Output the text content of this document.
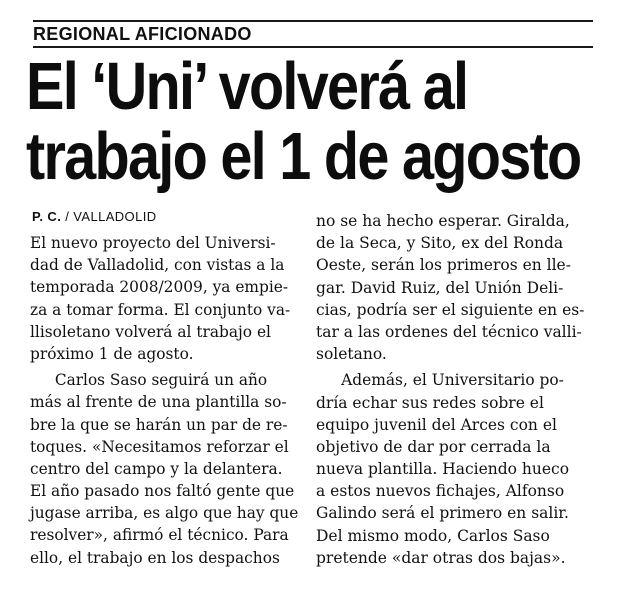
REGIONAL AFICIONADO
El ‘Uni’ volverá al
trabajo el 1 de agosto
P. C. / VALLADOLID
El nuevo proyecto del Universi-
dad de Valladolid, con vistas a la
temporada 2008/2009, ya empie-
za a tomar forma. El conjunto va-
llisoletano volverá al trabajo el
próximo 1 de agosto.
Carlos Saso seguirá un año
más al frente de una plantilla so-
bre la que se harán un par de re-
toques. «Necesitamos reforzar el
centro del campo y la delantera.
El año pasado nos faltó gente que
jugase arriba, es algo que hay que
resolver», afirmó el técnico. Para
ello, el trabajo en los despachos
no se ha hecho esperar. Giralda,
de la Seca, y Sito, ex del Ronda
Oeste, serán los primeros en lle-
gar. David Ruiz, del Unión Deli-
cias, podría ser el siguiente en es-
tar a las ordenes del técnico valli-
soletano.
Además, el Universitario po-
dría echar sus redes sobre el
equipo juvenil del Arces con el
objetivo de dar por cerrada la
nueva plantilla. Haciendo hueco
a estos nuevos fichajes, Alfonso
Galindo será el primero en salir.
Del mismo modo, Carlos Saso
pretende «dar otras dos bajas».
